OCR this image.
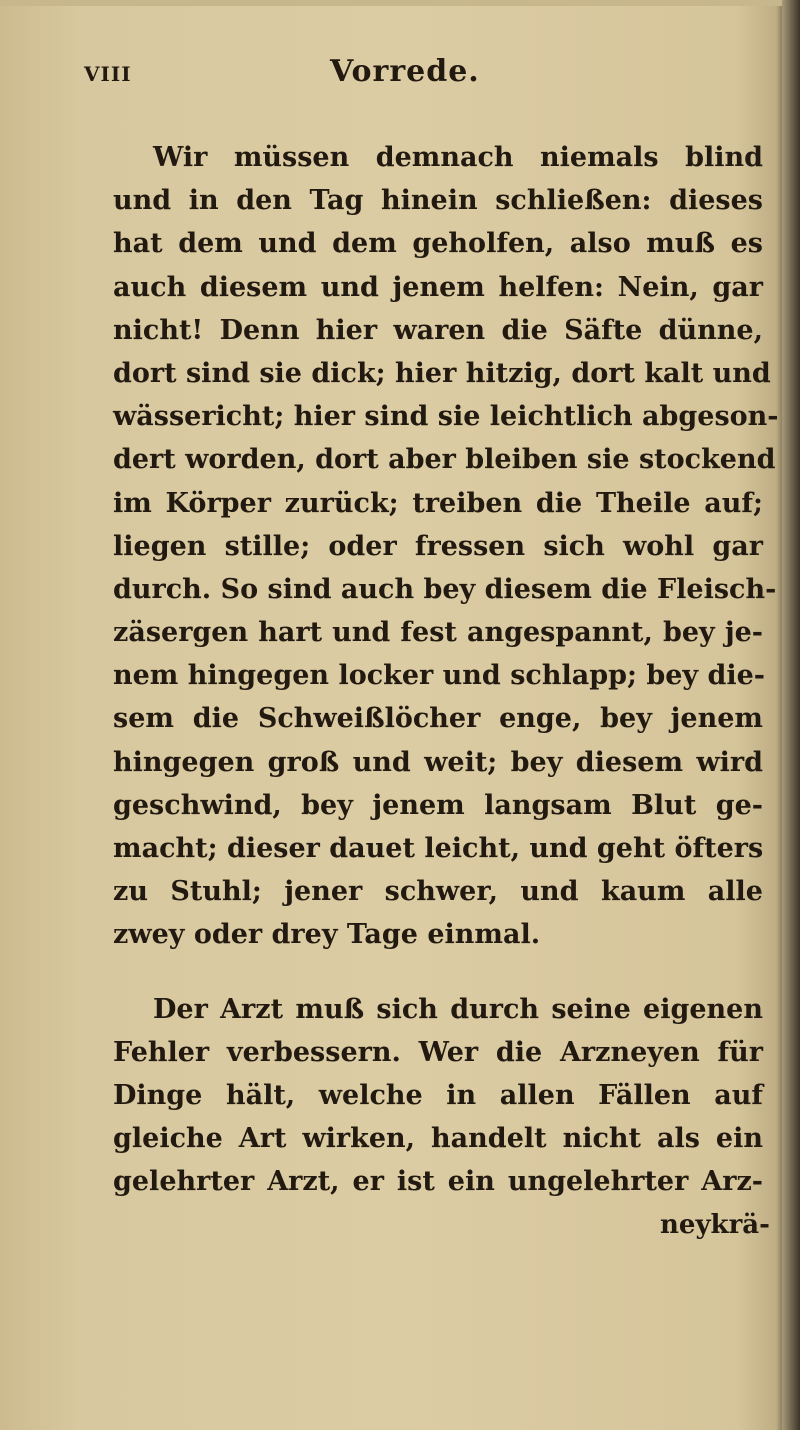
VIII	Vorrede.
Wir müssen demnach niemals blind
und in den Tag hinein schließen: dieses
hat dem und dem geholfen, also muß es
auch diesem und jenem helfen: Nein, gar
nicht! Denn hier waren die Säfte dünne,
dort sind sie dick; hier hitzig, dort kalt und
wässericht; hier sind sie leichtlich abgeson-
dert worden, dort aber bleiben sie stockend
im Körper zurück; treiben die Theile auf;
liegen stille; oder fressen sich wohl gar
durch. So sind auch bey diesem die Fleisch-
zäsergen hart und fest angespannt, bey je-
nem hingegen locker und schlapp; bey die-
sem die Schweißlöcher enge, bey jenem
hingegen groß und weit; bey diesem wird
geschwind, bey jenem langsam Blut ge-
macht; dieser dauet leicht, und geht öfters
zu Stuhl; jener schwer, und kaum alle
zwey oder drey Tage einmal.
Der Arzt muß sich durch seine eigenen
Fehler verbessern. Wer die Arzneyen für
Dinge hält, welche in allen Fällen auf
gleiche Art wirken, handelt nicht als ein
gelehrter Arzt, er ist ein ungelehrter Arz-
neykrä-
